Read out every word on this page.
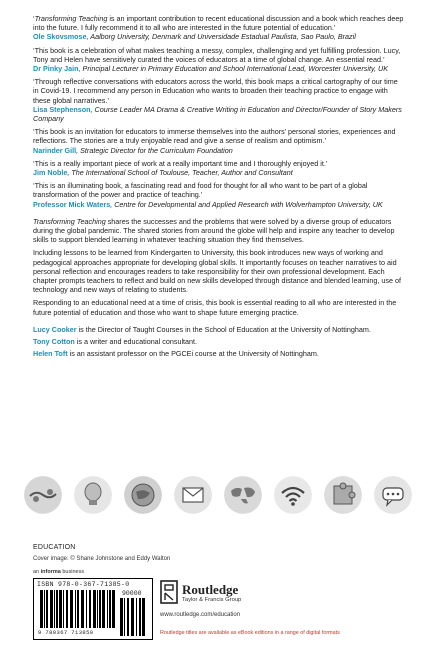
‘Transforming Teaching is an important contribution to recent educational discussion and a book which reaches deep into the future. I fully recommend it to all who are interested in the future potential of education.’

Ole Skovsmose, Aalborg University, Denmark and Universidade Estadual Paulista, Sao Paulo, Brazil

‘This book is a celebration of what makes teaching a messy, complex, challenging and yet fulfilling profession. Lucy, Tony and Helen have sensitively curated the voices of educators at a time of global change. An essential read.’

Dr Pinky Jain, Principal Lecturer in Primary Education and School International Lead, Worcester University, UK

‘Through reflective conversations with educators across the world, this book maps a critical cartography of our time in Covid-19. I recommend any person in Education who wants to broaden their teaching practice to engage with these global narratives.’

Lisa Stephenson, Course Leader MA Drama & Creative Writing in Education and Director/Founder of Story Makers Company

‘This book is an invitation for educators to immerse themselves into the authors’ personal stories, experiences and reflections. The stories are a truly enjoyable read and give a sense of realism and optimism.’

Narinder Gill, Strategic Director for the Curriculum Foundation

‘This is a really important piece of work at a really important time and I thoroughly enjoyed it.’

Jim Noble, The International School of Toulouse, Teacher, Author and Consultant

‘This is an illuminating book, a fascinating read and food for thought for all who want to be part of a global transformation of the power and practice of teaching.’

Professor Mick Waters, Centre for Developmental and Applied Research with Wolverhampton University, UK

Transforming Teaching shares the successes and the problems that were solved by a diverse group of educators during the global pandemic. The shared stories from around the globe will help and inspire any teacher to develop skills to support blended learning in whatever teaching situation they find themselves.

Including lessons to be learned from Kindergarten to University, this book introduces new ways of working and pedagogical approaches appropriate for developing global skills. It importantly focuses on teacher narratives to aid personal reflection and encourages readers to take responsibility for their own professional development. Each chapter prompts teachers to reflect and build on new skills developed through distance and blended learning, use of technology and new ways of relating to students.

Responding to an educational need at a time of crisis, this book is essential reading to all who are interested in the future potential of education and those who want to shape future emerging practice.

Lucy Cooker is the Director of Taught Courses in the School of Education at the University of Nottingham.

Tony Cotton is a writer and educational consultant.

Helen Toft is an assistant professor on the PGCEi course at the University of Nottingham.

EDUCATION
Cover image: © Shane Johnstone and Eddy Walton
an informa business
ISBN 978-0-367-71385-0
9 780367 713850
90000	Routledge
Taylor & Francis Group
www.routledge.com/education
Routledge titles are available as eBook editions in a range of digital formats
